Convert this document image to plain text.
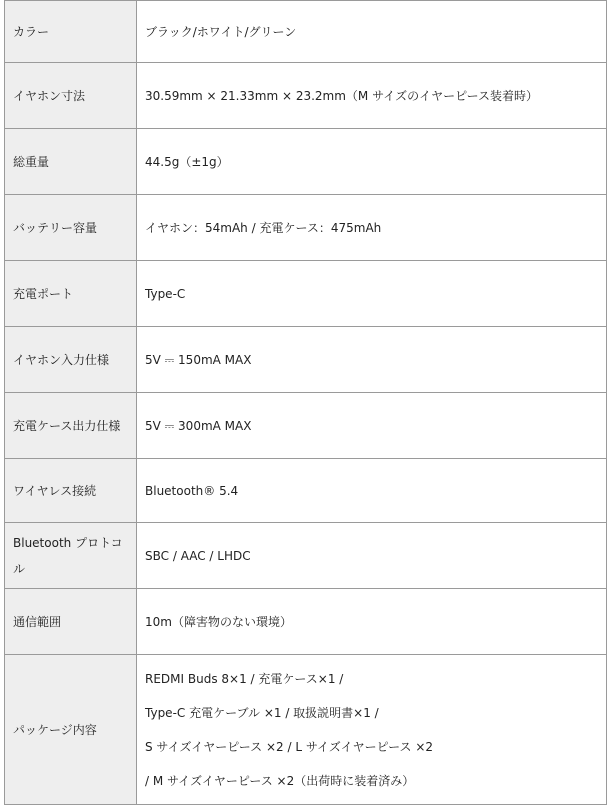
カラー	ブラック/ホワイト/グリーン

イヤホン寸法	30.59mm × 21.33mm × 23.2mm（M サイズのイヤーピース装着時）

総重量	44.5g（±1g）

バッテリー容量	イヤホン：54mAh / 充電ケース：475mAh

充電ポート	Type-C

イヤホン入力仕様	5V ⎓ 150mA MAX

充電ケース出力仕様	5V ⎓ 300mA MAX

ワイヤレス接続	Bluetooth® 5.4

Bluetooth プロトコル	SBC / AAC / LHDC

通信範囲	10m（障害物のない環境）

パッケージ内容	REDMI Buds 8×1 / 充電ケース×1 /
Type-C 充電ケーブル ×1 / 取扱説明書×1 /
S サイズイヤーピース ×2 / L サイズイヤーピース ×2
/ M サイズイヤーピース ×2（出荷時に装着済み）
